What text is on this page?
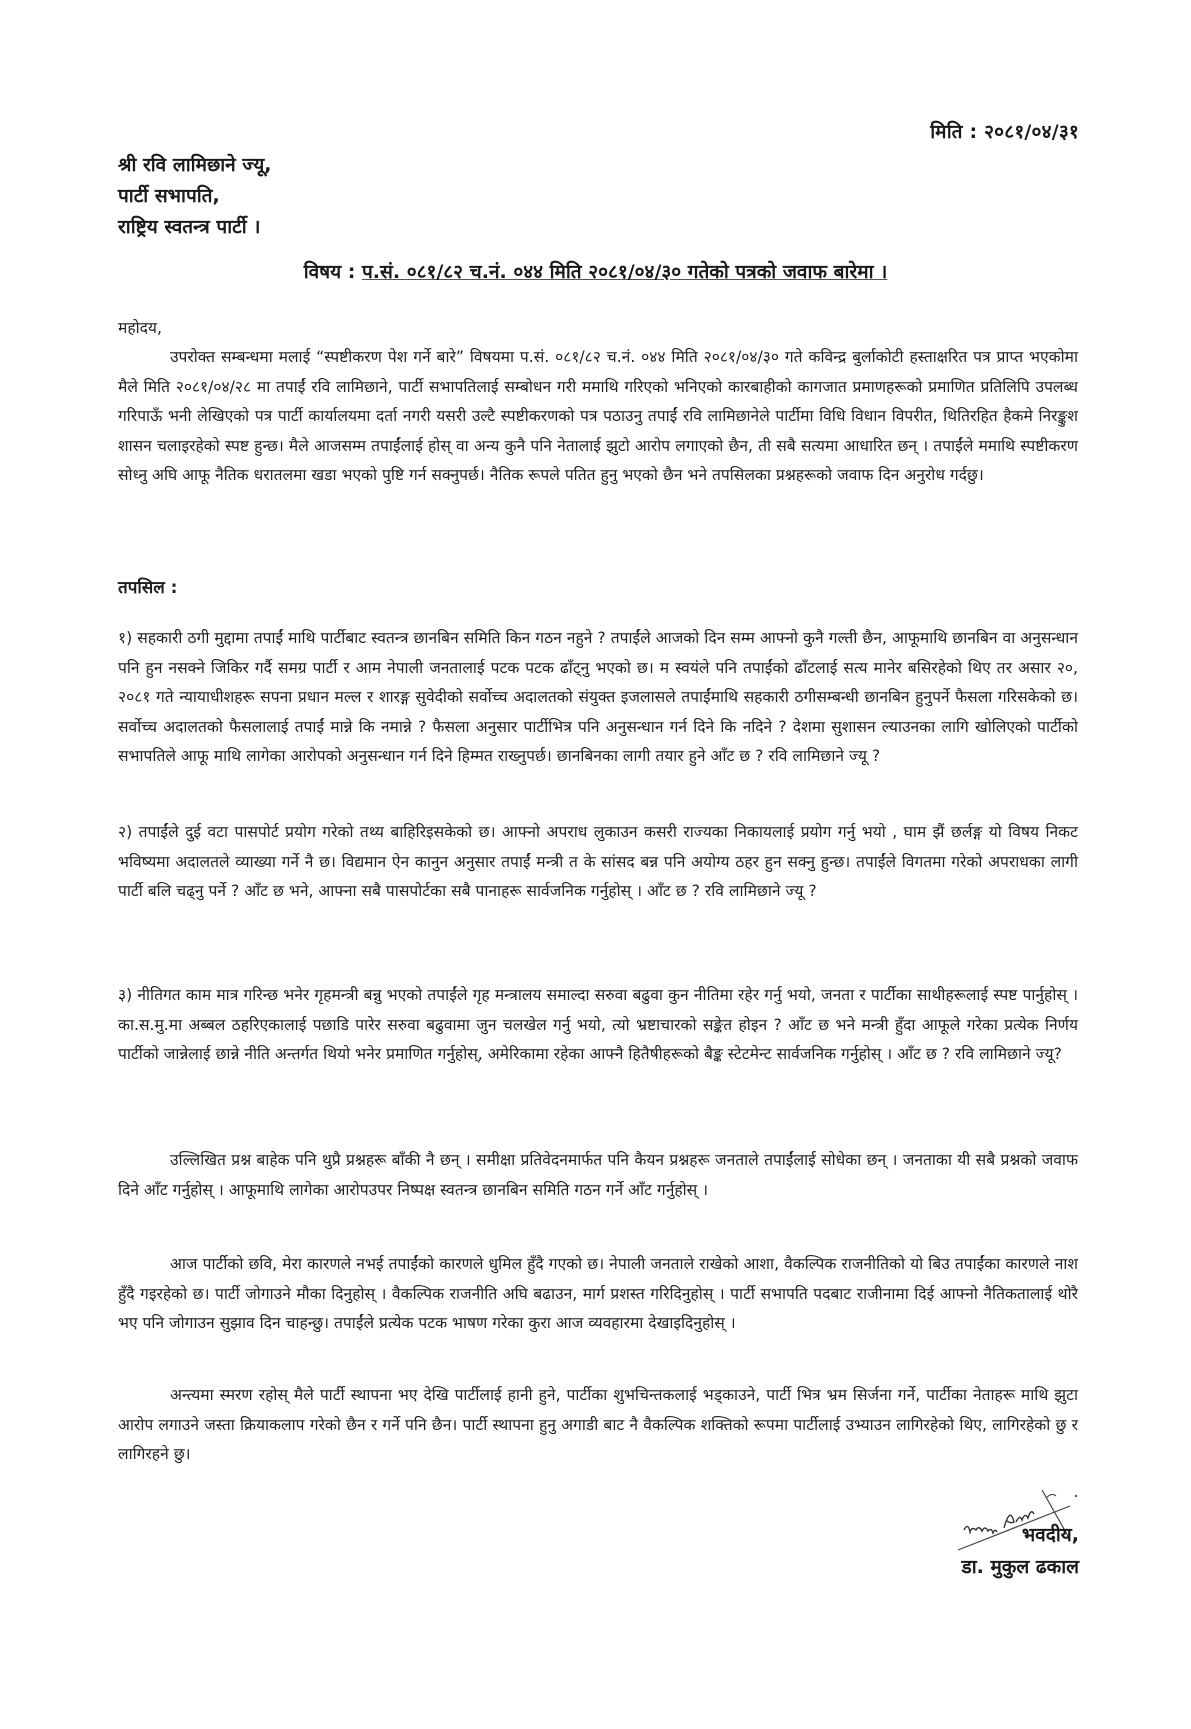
मिति : २०८१/०४/३१
श्री रवि लामिछाने ज्यू,
पार्टी सभापति,
राष्ट्रिय स्वतन्त्र पार्टी ।
विषय : प.सं. ०८१/८२ च.नं. ०४४ मिति २०८१/०४/३० गतेको पत्रको जवाफ बारेमा ।
महोदय,
उपरोक्त सम्बन्धमा मलाई “स्पष्टीकरण पेश गर्ने बारे” विषयमा प.सं. ०८१/८२ च.नं. ०४४ मिति २०८१/०४/३० गते कविन्द्र बुर्लाकोटी हस्ताक्षरित पत्र प्राप्त भएकोमा मैले मिति २०८१/०४/२८ मा तपाईं रवि लामिछाने, पार्टी सभापतिलाई सम्बोधन गरी ममाथि गरिएको भनिएको कारबाहीको कागजात प्रमाणहरूको प्रमाणित प्रतिलिपि उपलब्ध गरिपाऊँ भनी लेखिएको पत्र पार्टी कार्यालयमा दर्ता नगरी यसरी उल्टै स्पष्टीकरणको पत्र पठाउनु तपाईं रवि लामिछानेले पार्टीमा विधि विधान विपरीत, थितिरहित हैकमे निरङ्कुश शासन चलाइरहेको स्पष्ट हुन्छ। मैले आजसम्म तपाईंलाई होस् वा अन्य कुनै पनि नेतालाई झुटो आरोप लगाएको छैन, ती सबै सत्यमा आधारित छन् । तपाईंले ममाथि स्पष्टीकरण सोध्नु अघि आफू नैतिक धरातलमा खडा भएको पुष्टि गर्न सक्नुपर्छ। नैतिक रूपले पतित हुनु भएको छैन भने तपसिलका प्रश्नहरूको जवाफ दिन अनुरोध गर्दछु।
तपसिल :
१) सहकारी ठगी मुद्दामा तपाईं माथि पार्टीबाट स्वतन्त्र छानबिन समिति किन गठन नहुने ? तपाईंले आजको दिन सम्म आफ्नो कुनै गल्ती छैन, आफूमाथि छानबिन वा अनुसन्धान पनि हुन नसक्ने जिकिर गर्दै समग्र पार्टी र आम नेपाली जनतालाई पटक पटक ढाँट्नु भएको छ। म स्वयंले पनि तपाईंको ढाँटलाई सत्य मानेर बसिरहेको थिए तर असार २०, २०८१ गते न्यायाधीशहरू सपना प्रधान मल्ल र शारङ्ग सुवेदीको सर्वोच्च अदालतको संयुक्त इजलासले तपाईंमाथि सहकारी ठगीसम्बन्धी छानबिन हुनुपर्ने फैसला गरिसकेको छ। सर्वोच्च अदालतको फैसलालाई तपाईं मान्ने कि नमान्ने ? फैसला अनुसार पार्टीभित्र पनि अनुसन्धान गर्न दिने कि नदिने ? देशमा सुशासन ल्याउनका लागि खोलिएको पार्टीको सभापतिले आफू माथि लागेका आरोपको अनुसन्धान गर्न दिने हिम्मत राख्नुपर्छ। छानबिनका लागी तयार हुने आँट छ ? रवि लामिछाने ज्यू ?
२) तपाईंले दुई वटा पासपोर्ट प्रयोग गरेको तथ्य बाहिरिइसकेको छ। आफ्नो अपराध लुकाउन कसरी राज्यका निकायलाई प्रयोग गर्नु भयो , घाम झैं छर्लङ्ग यो विषय निकट भविष्यमा अदालतले व्याख्या गर्ने नै छ। विद्यमान ऐन कानुन अनुसार तपाईं मन्त्री त के सांसद बन्न पनि अयोग्य ठहर हुन सक्नु हुन्छ। तपाईंले विगतमा गरेको अपराधका लागी पार्टी बलि चढ्नु पर्ने ? आँट छ भने, आफ्ना सबै पासपोर्टका सबै पानाहरू सार्वजनिक गर्नुहोस् । आँट छ ? रवि लामिछाने ज्यू ?
३) नीतिगत काम मात्र गरिन्छ भनेर गृहमन्त्री बन्नु भएको तपाईंले गृह मन्त्रालय समाल्दा सरुवा बढुवा कुन नीतिमा रहेर गर्नु भयो, जनता र पार्टीका साथीहरूलाई स्पष्ट पार्नुहोस् । का.स.मु.मा अब्बल ठहरिएकालाई पछाडि पारेर सरुवा बढुवामा जुन चलखेल गर्नु भयो, त्यो भ्रष्टाचारको सङ्केत होइन ? आँट छ भने मन्त्री हुँदा आफूले गरेका प्रत्येक निर्णय पार्टीको जान्नेलाई छान्ने नीति अन्तर्गत थियो भनेर प्रमाणित गर्नुहोस्, अमेरिकामा रहेका आफ्नै हितैषीहरूको बैङ्क स्टेटमेन्ट सार्वजनिक गर्नुहोस् । आँट छ ? रवि लामिछाने ज्यू?
उल्लिखित प्रश्न बाहेक पनि थुप्रै प्रश्नहरू बाँकी नै छन् । समीक्षा प्रतिवेदनमार्फत पनि कैयन प्रश्नहरू जनताले तपाईंलाई सोधेका छन् । जनताका यी सबै प्रश्नको जवाफ दिने आँट गर्नुहोस् । आफूमाथि लागेका आरोपउपर निष्पक्ष स्वतन्त्र छानबिन समिति गठन गर्ने आँट गर्नुहोस् ।
आज पार्टीको छवि, मेरा कारणले नभई तपाईंको कारणले धुमिल हुँदै गएको छ। नेपाली जनताले राखेको आशा, वैकल्पिक राजनीतिको यो बिउ तपाईंका कारणले नाश हुँदै गइरहेको छ। पार्टी जोगाउने मौका दिनुहोस् । वैकल्पिक राजनीति अघि बढाउन, मार्ग प्रशस्त गरिदिनुहोस् । पार्टी सभापति पदबाट राजीनामा दिई आफ्नो नैतिकतालाई थोरै भए पनि जोगाउन सुझाव दिन चाहन्छु। तपाईंले प्रत्येक पटक भाषण गरेका कुरा आज व्यवहारमा देखाइदिनुहोस् ।
अन्त्यमा स्मरण रहोस् मैले पार्टी स्थापना भए देखि पार्टीलाई हानी हुने, पार्टीका शुभचिन्तकलाई भड्काउने, पार्टी भित्र भ्रम सिर्जना गर्ने, पार्टीका नेताहरू माथि झुटा आरोप लगाउने जस्ता क्रियाकलाप गरेको छैन र गर्ने पनि छैन। पार्टी स्थापना हुनु अगाडी बाट नै वैकल्पिक शक्तिको रूपमा पार्टीलाई उभ्याउन लागिरहेको थिए, लागिरहेको छु र लागिरहने छु।
भवदीय,
डा. मुकुल ढकाल
